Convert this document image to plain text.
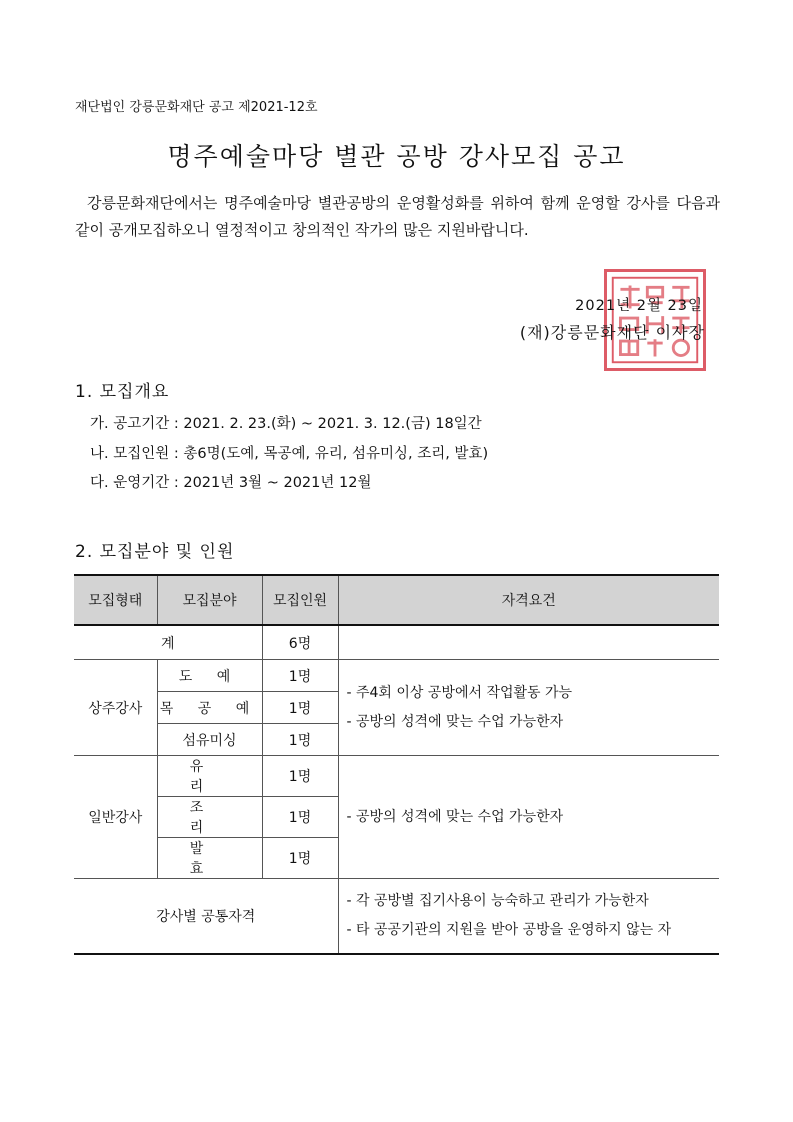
재단법인 강릉문화재단 공고 제2021-12호
명주예술마당 별관 공방 강사모집 공고
강릉문화재단에서는 명주예술마당 별관공방의 운영활성화를 위하여 함께 운영할 강사를 다음과 같이 공개모집하오니 열정적이고 창의적인 작가의 많은 지원바랍니다.
2021년 2월 23일
(재)강릉문화재단 이사장
1. 모집개요
가. 공고기간 : 2021. 2. 23.(화) ~ 2021. 3. 12.(금) 18일간
나. 모집인원 : 총6명(도예, 목공예, 유리, 섬유미싱, 조리, 발효)
다. 운영기간 : 2021년 3월 ~ 2021년 12월
2. 모집분야 및 인원
모집형태	모집분야	모집인원	자격요건
계		6명	
상주강사	도 예	1명	- 주4회 이상 공방에서 작업활동 가능
- 공방의 성격에 맞는 수업 가능한자

	목 공 예	1명	
	섬유미싱	1명	
일반강사	유 리	1명	- 공방의 성격에 맞는 수업 가능한자

	조 리	1명	
	발 효	1명	
강사별 공통자격			- 각 공방별 집기사용이 능숙하고 관리가 가능한자
- 타 공공기관의 지원을 받아 공방을 운영하지 않는 자
